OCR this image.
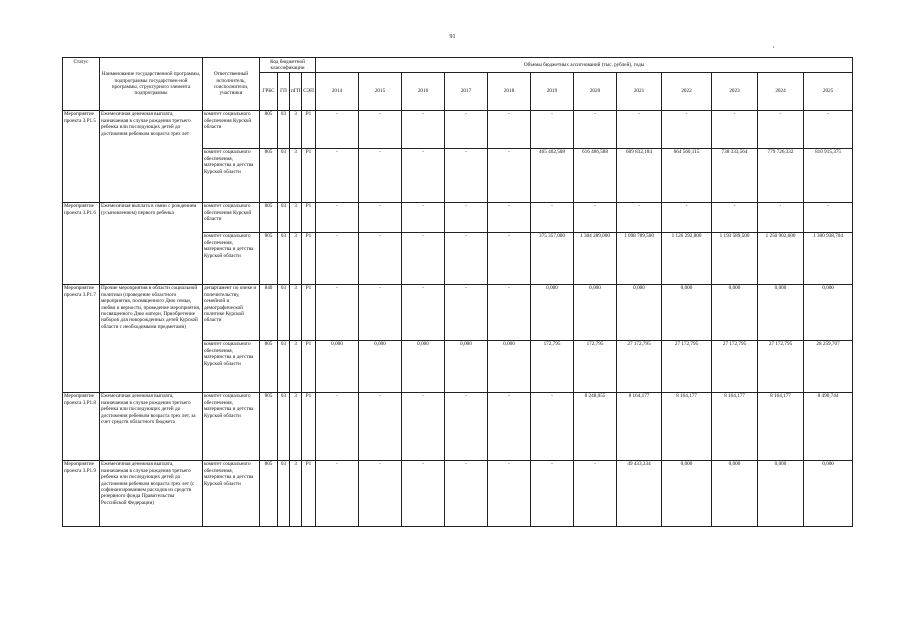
91
,
Статус	Наименование государственной программы, подпрограммы государствен-ной программы, структурного элемента подпрограммы	Ответственный исполнитель, соисполнители, участники	Код бюджетной классификации				Объемы бюджетных ассигнований (тыс. рублей), годы											
			ГРБС	ГП	пГП	СЭП	2014	2015	2016	2017	2018	2019	2020	2021	2022	2023	2024	2025
Мероприятие проекта 3.Р1.5	Ежемесячная денежная выплата, назначаемая в случае рождения третьего ребенка или последующих детей до достижения ребенком возраста трех лет	комитет социального обеспечения Курской области	805	03	3	Р1	-	-	-	-	-	-	-	-	-	-	-	-
		комитет социального обеспечения, материнства и детства Курской области	805	03	3	Р1	-	-	-	-	-	465 402,508	616 486,588	609 832,184	664 560,115	738 333,564	779 726,332	810 915,375
Мероприятие проекта 3.Р1.6	Ежемесячная выплата в связи с рождением (усыновлением) первого ребенка	комитет социального обеспечения Курской области	805	03	3	Р1	-	-	-	-	-	-	-	-	-	-	-	-
		комитет социального обеспечения, материнства и детства Курской области	805	03	3	Р1	-	-	-	-	-	375 357,000	1 304 289,000	1 098 789,500	1 126 292,800	1 193 589,500	1 250 902,600	1 300 938,704
Мероприятие проекта 3.Р1.7	Прочие мероприятия в области социальной политики (проведение областного мероприятия, посвященного Дню семьи, любви и верности, проведение мероприятия, посвященного Дню матери, Приобретение наборов для новорожденных детей Курской области с необходимыми предметами)	департамент по опеке и попечительству, семейной и демографической политике Курской области	840	03	3	Р1	-	-	-	-	-	0,000	0,000	0,000	0,000	0,000	0,000	0,000
		комитет социального обеспечения, материнства и детства Курской области	805	03	3	Р1	0,000	0,000	0,000	0,000	0,000	172,795	172,795	27 172,795	27 172,795	27 172,795	27 172,795	28 259,707
Мероприятие проекта 3.Р1.8	Ежемесячная денежная выплата, назначаемая в случае рождения третьего ребенка или последующих детей до достижения ребенком возраста трех лет, за счет средств областного бюджета	комитет социального обеспечения, материнства и детства Курской области	805	03	3	Р1	-	-	-	-	-	-	8 248,055	8 164,177	8 164,177	8 164,177	8 164,177	8 490,744
Мероприятие проекта 3.Р1.9	Ежемесячная денежная выплата, назначаемая в случае рождения третьего ребенка или последующих детей до достижения ребенком возраста трех лет (с софинансированием расходов из средств резервного фонда Правительства Российской Федерации)	комитет социального обеспечения, материнства и детства Курской области	805	03	3	Р1	-	-	-	-	-	-	-	49 433,334	0,000	0,000	0,000	0,000
